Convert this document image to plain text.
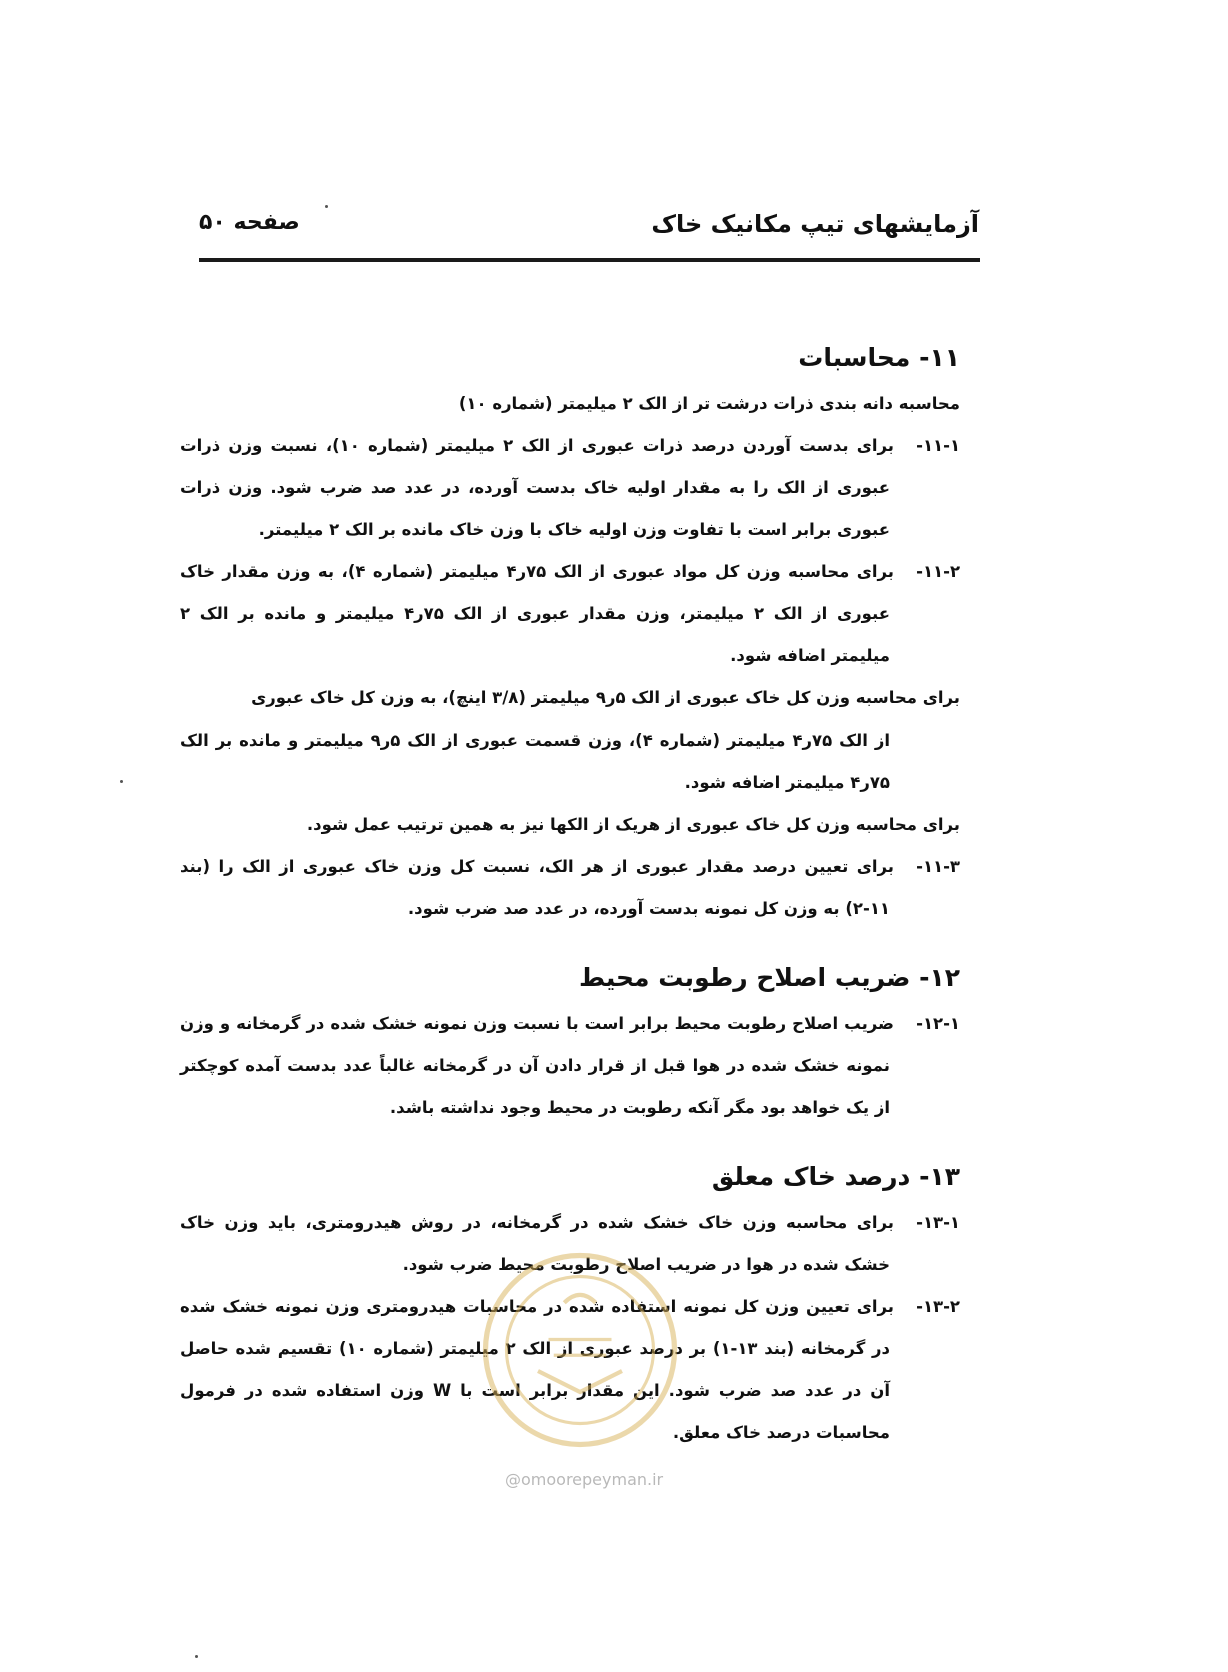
آزمایشهای تیپ مکانیک خاک
صفحه ۵۰
۱۱- محاسبات

محاسبه دانه بندی ذرات درشت تر از الک ۲ میلیمتر (شماره ۱۰)

۱۱-۱-برای بدست آوردن درصد ذرات عبوری از الک ۲ میلیمتر (شماره ۱۰)، نسبت وزن ذرات عبوری از الک را به مقدار اولیه خاک بدست آورده، در عدد صد ضرب شود. وزن ذرات عبوری برابر است با تفاوت وزن اولیه خاک با وزن خاک مانده بر الک ۲ میلیمتر.

۱۱-۲-برای محاسبه وزن کل مواد عبوری از الک ۷۵ر۴ میلیمتر (شماره ۴)، به وزن مقدار خاک عبوری از الک ۲ میلیمتر، وزن مقدار عبوری از الک ۷۵ر۴ میلیمتر و مانده بر الک ۲ میلیمتر اضافه شود.

برای محاسبه وزن کل خاک عبوری از الک ۵ر۹ میلیمتر (۳/۸ اینچ)، به وزن کل خاک عبوری

از الک ۷۵ر۴ میلیمتر (شماره ۴)، وزن قسمت عبوری از الک ۵ر۹ میلیمتر و مانده بر الک ۷۵ر۴ میلیمتر اضافه شود.

برای محاسبه وزن کل خاک عبوری از هریک از الکها نیز به همین ترتیب عمل شود.

۱۱-۳-برای تعیین درصد مقدار عبوری از هر الک، نسبت کل وزن خاک عبوری از الک را (بند ۱۱-۲) به وزن کل نمونه بدست آورده، در عدد صد ضرب شود.

۱۲- ضریب اصلاح رطوبت محیط

۱۲-۱-ضریب اصلاح رطوبت محیط برابر است با نسبت وزن نمونه خشک شده در گرمخانه و وزن نمونه خشک شده در هوا قبل از قرار دادن آن در گرمخانه غالباً عدد بدست آمده کوچکتر از یک خواهد بود مگر آنکه رطوبت در محیط وجود نداشته باشد.

۱۳- درصد خاک معلق

۱۳-۱-برای محاسبه وزن خاک خشک شده در گرمخانه، در روش هیدرومتری، باید وزن خاک خشک شده در هوا در ضریب اصلاح رطوبت محیط ضرب شود.

۱۳-۲-برای تعیین وزن کل نمونه استفاده شده در محاسبات هیدرومتری وزن نمونه خشک شده در گرمخانه (بند ۱۳-۱) بر درصد عبوری از الک ۲ میلیمتر (شماره ۱۰) تقسیم شده حاصل آن در عدد صد ضرب شود. این مقدار برابر است با W وزن استفاده شده در فرمول محاسبات درصد خاک معلق.

@omoorepeyman.ir
